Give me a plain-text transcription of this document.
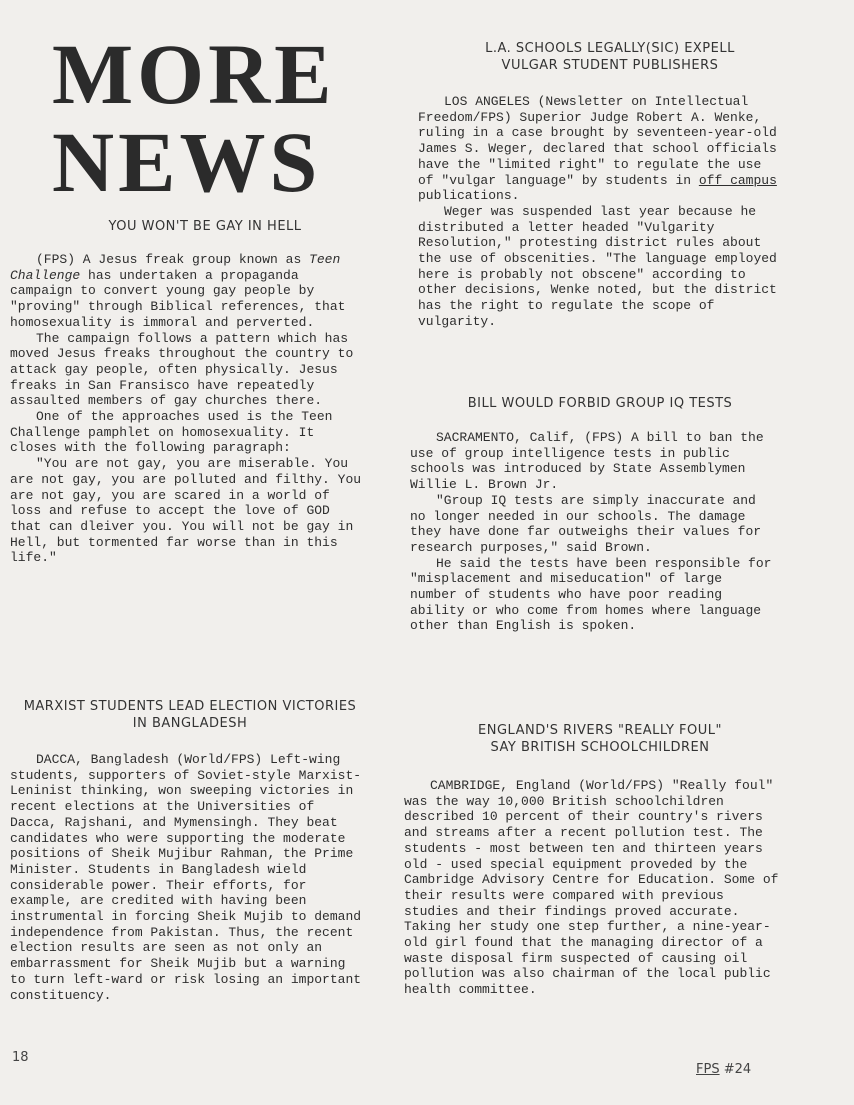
MORE
NEWS
YOU WON'T BE GAY IN HELL

(FPS) A Jesus freak group known as Teen Challenge has undertaken a propaganda campaign to convert young gay people by "proving" through Biblical references, that homosexuality is immoral and perverted.

The campaign follows a pattern which has moved Jesus freaks throughout the country to attack gay people, often physically. Jesus freaks in San Fransisco have repeatedly assaulted members of gay churches there.

One of the approaches used is the Teen Challenge pamphlet on homosexuality. It closes with the following paragraph:

"You are not gay, you are miserable. You are not gay, you are polluted and filthy. You are not gay, you are scared in a world of loss and refuse to accept the love of GOD that can dleiver you. You will not be gay in Hell, but tormented far worse than in this life."

MARXIST STUDENTS LEAD ELECTION VICTORIES
IN BANGLADESH

DACCA, Bangladesh (World/FPS) Left-wing students, supporters of Soviet-style Marxist-Leninist thinking, won sweeping victories in recent elections at the Universities of Dacca, Rajshani, and Mymensingh. They beat candidates who were supporting the moderate positions of Sheik Mujibur Rahman, the Prime Minister. Students in Bangladesh wield considerable power. Their efforts, for example, are credited with having been instrumental in forcing Sheik Mujib to demand independence from Pakistan. Thus, the recent election results are seen as not only an embarrassment for Sheik Mujib but a warning to turn left-ward or risk losing an important constituency.

L.A. SCHOOLS LEGALLY(SIC) EXPELL
VULGAR STUDENT PUBLISHERS

LOS ANGELES (Newsletter on Intellectual Freedom/FPS) Superior Judge Robert A. Wenke, ruling in a case brought by seventeen-year-old James S. Weger, declared that school officials have the "limited right" to regulate the use of "vulgar language" by students in off campus publications.

Weger was suspended last year because he distributed a letter headed "Vulgarity Resolution," protesting district rules about the use of obscenities. "The language employed here is probably not obscene" according to other decisions, Wenke noted, but the district has the right to regulate the scope of vulgarity.

BILL WOULD FORBID GROUP IQ TESTS

SACRAMENTO, Calif, (FPS) A bill to ban the use of group intelligence tests in public schools was introduced by State Assemblymen Willie L. Brown Jr.

"Group IQ tests are simply inaccurate and no longer needed in our schools. The damage they have done far outweighs their values for research purposes," said Brown.

He said the tests have been responsible for "misplacement and miseducation" of large number of students who have poor reading ability or who come from homes where language other than English is spoken.

ENGLAND'S RIVERS "REALLY FOUL"
SAY BRITISH SCHOOLCHILDREN

CAMBRIDGE, England (World/FPS) "Really foul" was the way 10,000 British schoolchildren described 10 percent of their country's rivers and streams after a recent pollution test. The students - most between ten and thirteen years old - used special equipment proveded by the Cambridge Advisory Centre for Education. Some of their results were compared with previous studies and their findings proved accurate. Taking her study one step further, a nine-year-old girl found that the managing director of a waste disposal firm suspected of causing oil pollution was also chairman of the local public health committee.

18
FPS #24
